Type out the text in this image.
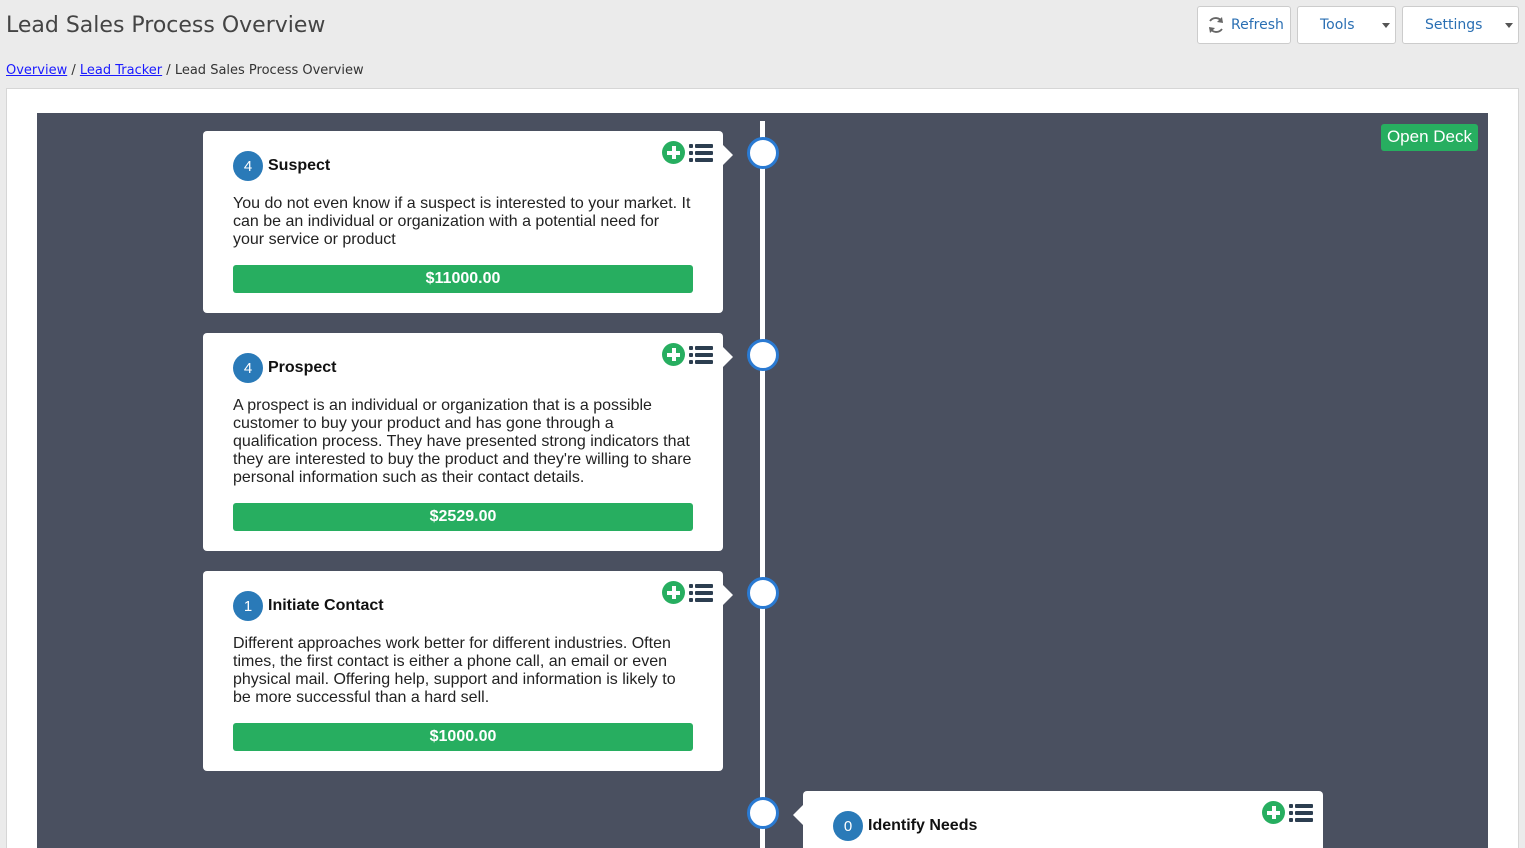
Lead Sales Process Overview	Refresh	Tools	Settings
Overview / Lead Tracker / Lead Sales Process Overview
Open Deck
4 Suspect
You do not even know if a suspect is interested to your market. It can be an individual or organization with a potential need for your service or product
$11000.00
4 Prospect
A prospect is an individual or organization that is a possible customer to buy your product and has gone through a qualification process. They have presented strong indicators that they are interested to buy the product and they're willing to share personal information such as their contact details.
$2529.00
1 Initiate Contact
Different approaches work better for different industries. Often times, the first contact is either a phone call, an email or even physical mail. Offering help, support and information is likely to be more successful than a hard sell.
$1000.00
0 Identify Needs
